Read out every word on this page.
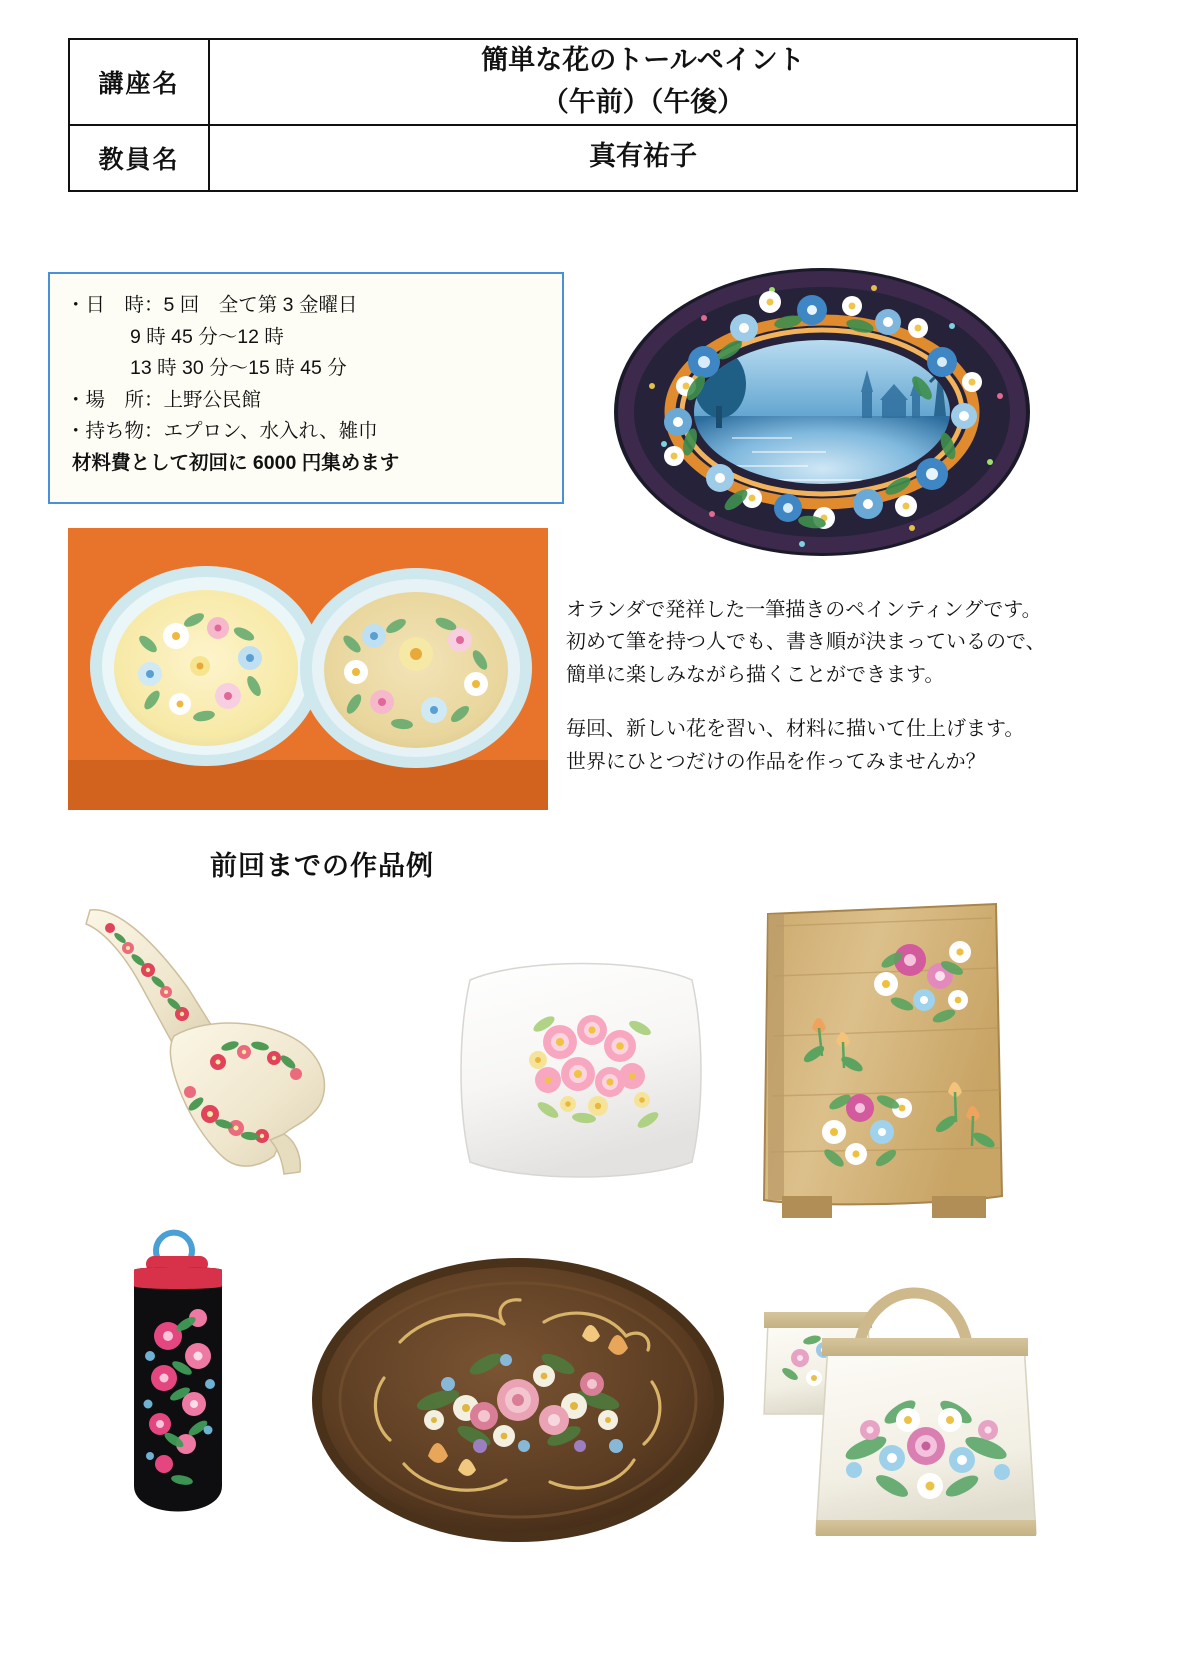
講座名	簡単な花のトールペイント
（午前）（午後）

教員名	真有祐子
・日　時：5 回　全て第 3 金曜日
9 時 45 分〜12 時
13 時 30 分〜15 時 45 分
・場　所：上野公民館
・持ち物：エプロン、水入れ、雑巾
材料費として初回に 6000 円集めます

オランダで発祥した一筆描きのペインティングです。

初めて筆を持つ人でも、書き順が決まっているので、

簡単に楽しみながら描くことができます。

毎回、新しい花を習い、材料に描いて仕上げます。

世界にひとつだけの作品を作ってみませんか？

前回までの作品例
